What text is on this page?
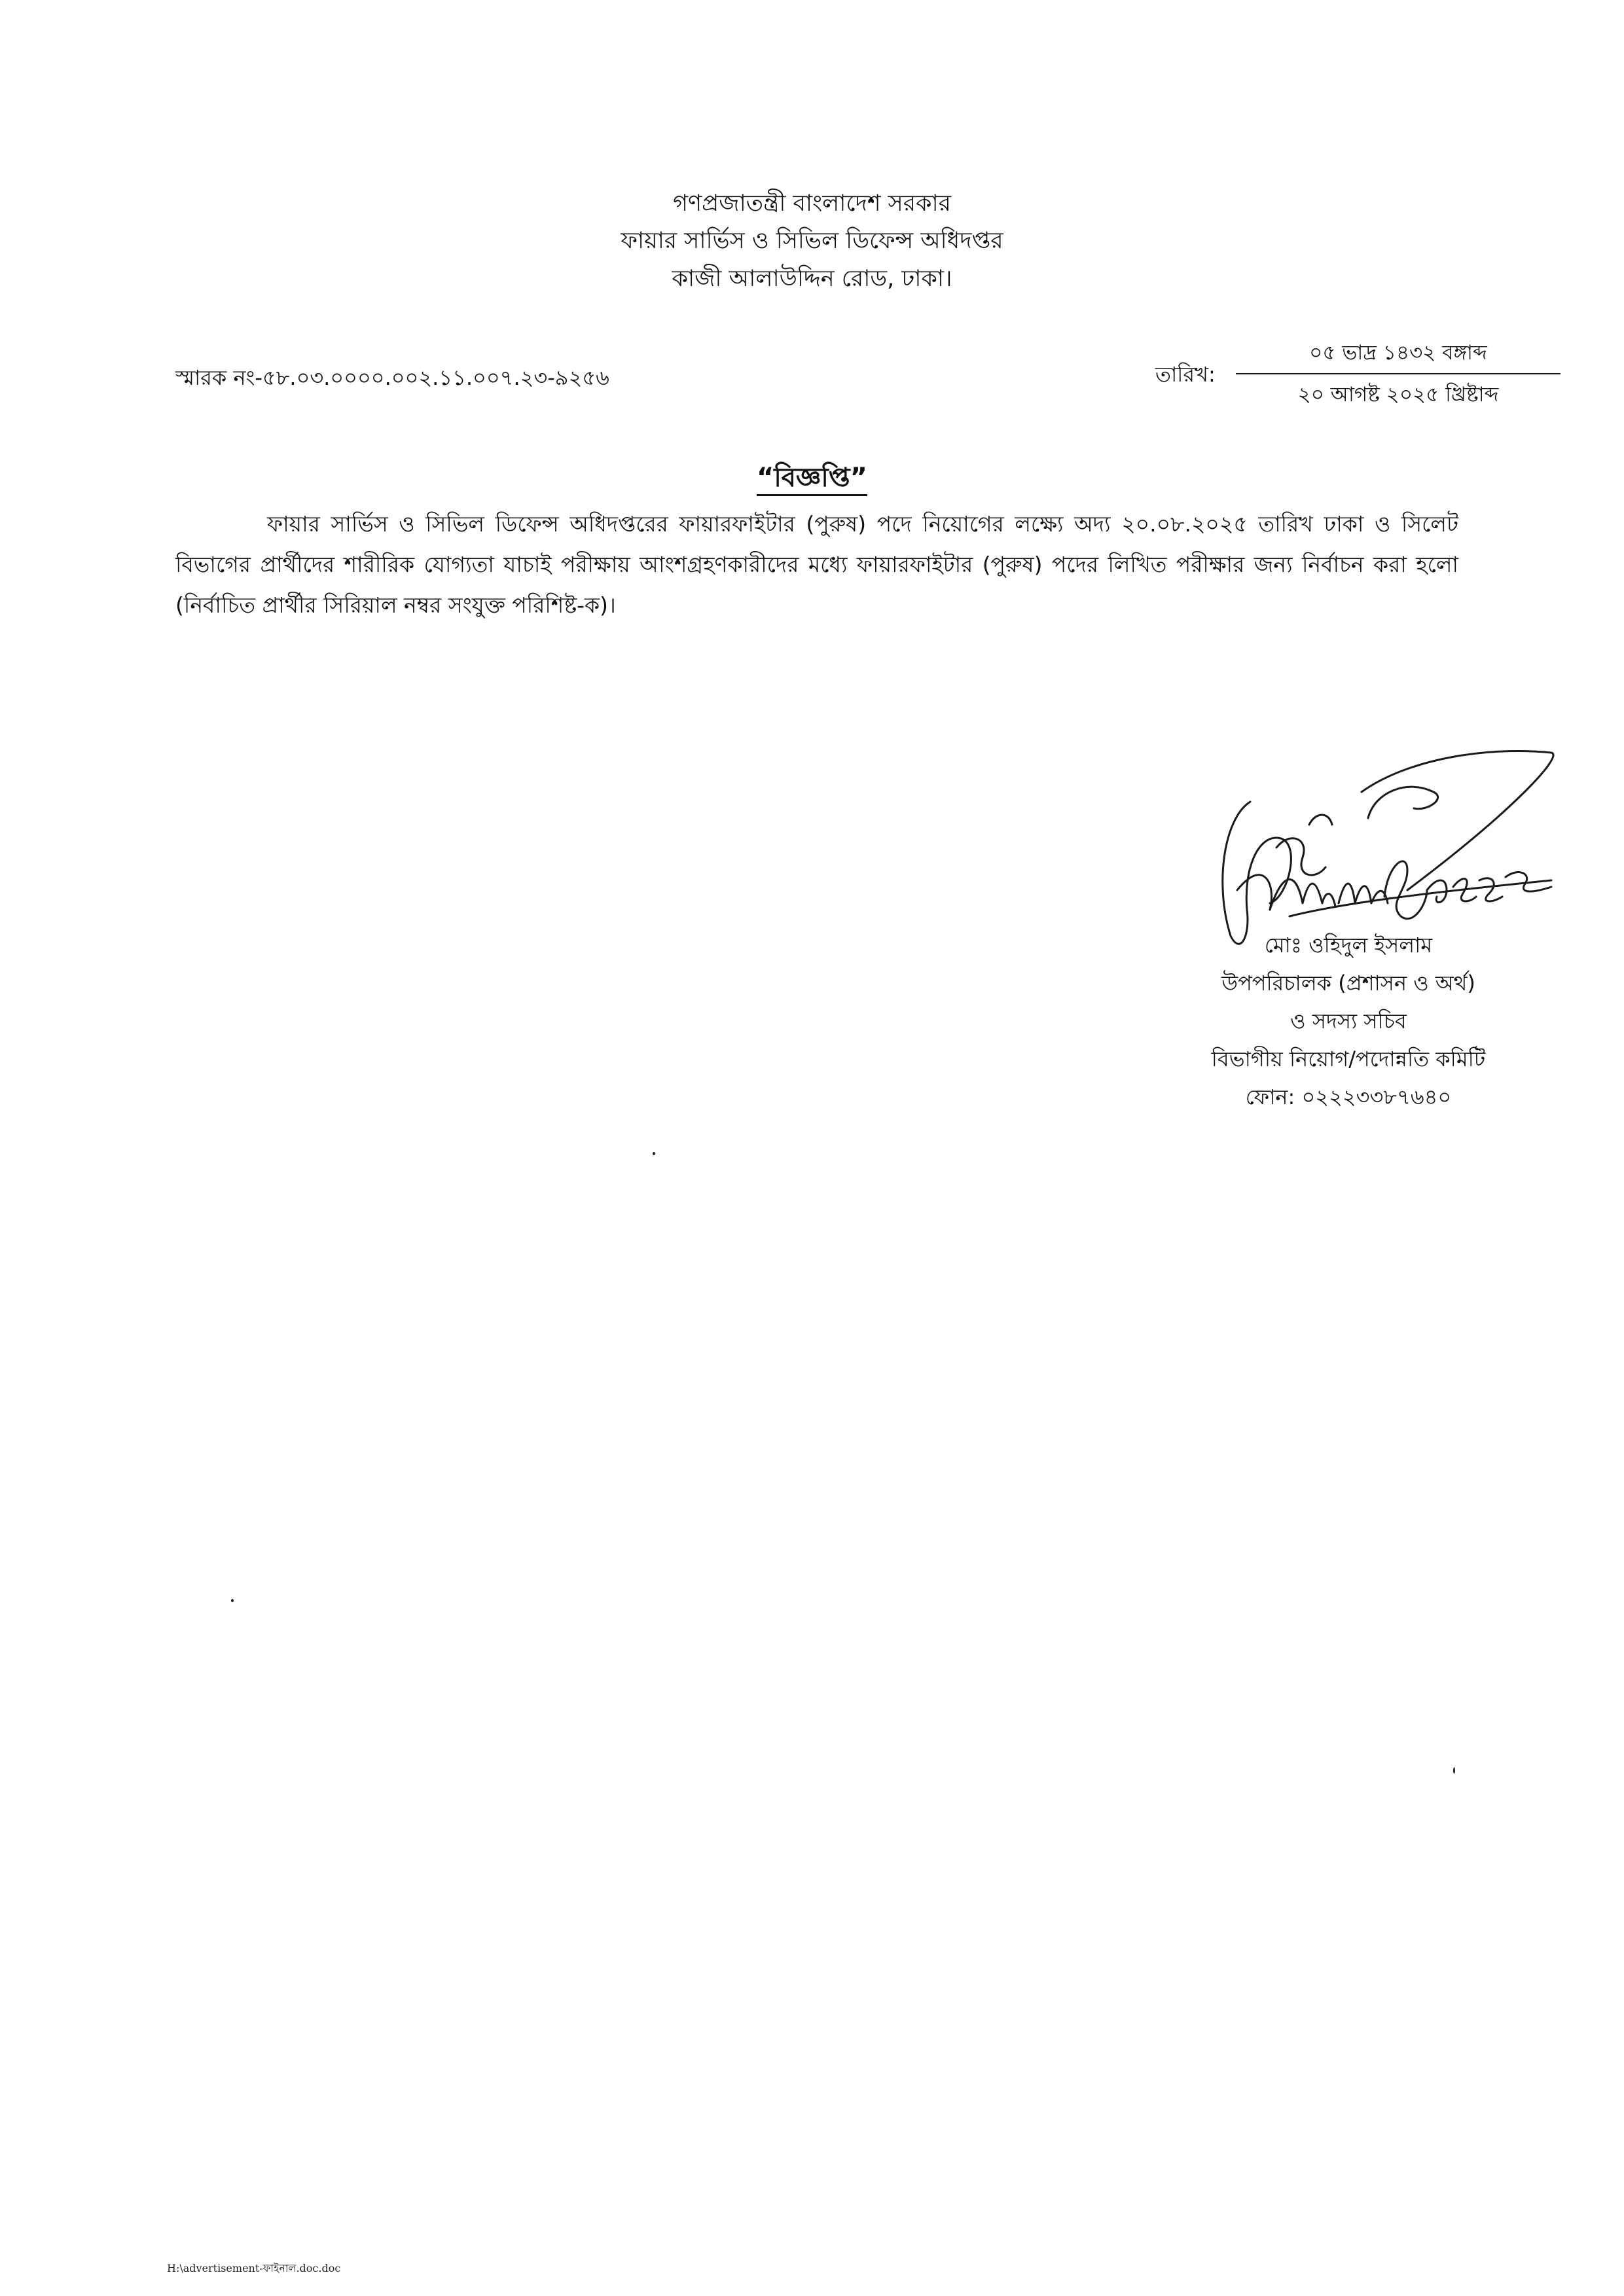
গণপ্রজাতন্ত্রী বাংলাদেশ সরকার
ফায়ার সার্ভিস ও সিভিল ডিফেন্স অধিদপ্তর
কাজী আলাউদ্দিন রোড, ঢাকা।
স্মারক নং-৫৮.০৩.০০০০.০০২.১১.০০৭.২৩-৯২৫৬	তারিখ:
০৫ ভাদ্র ১৪৩২ বঙ্গাব্দ
২০ আগষ্ট ২০২৫ খ্রিষ্টাব্দ
“বিজ্ঞপ্তি”
ফায়ার সার্ভিস ও সিভিল ডিফেন্স অধিদপ্তরের ফায়ারফাইটার (পুরুষ) পদে নিয়োগের লক্ষ্যে অদ্য ২০.০৮.২০২৫ তারিখ ঢাকা ও সিলেট বিভাগের প্রার্থীদের শারীরিক যোগ্যতা যাচাই পরীক্ষায় আংশগ্রহণকারীদের মধ্যে ফায়ারফাইটার (পুরুষ) পদের লিখিত পরীক্ষার জন্য নির্বাচন করা হলো (নির্বাচিত প্রার্থীর সিরিয়াল নম্বর সংযুক্ত পরিশিষ্ট-ক)।
মোঃ ওহিদুল ইসলাম
উপপরিচালক (প্রশাসন ও অর্থ)
ও সদস্য সচিব
বিভাগীয় নিয়োগ/পদোন্নতি কমিটি
ফোন: ০২২২৩৩৮৭৬৪০
H:\advertisement-ফাইনাল.doc.doc
